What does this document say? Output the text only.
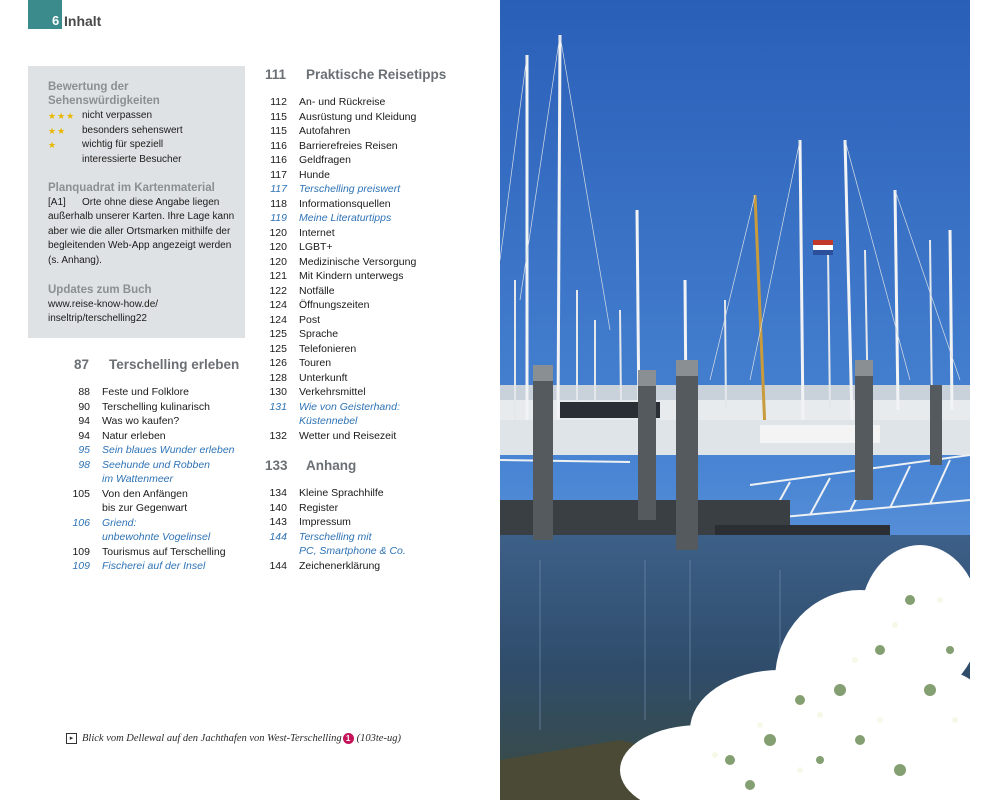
6 Inhalt
Bewertung der
Sehenswürdigkeiten
★★★ nicht verpassen
★★ besonders sehenswert
★ wichtig für speziell
interessierte Besucher
Planquadrat im Kartenmaterial
[A1] Orte ohne diese Angabe liegen
außerhalb unserer Karten. Ihre Lage kann
aber wie die aller Ortsmarken mithilfe der
begleitenden Web-App angezeigt werden
(s. Anhang).
Updates zum Buch
www.reise-know-how.de/
inseltrip/terschelling22
87 Terschelling erleben
88 Feste und Folklore
90 Terschelling kulinarisch
94 Was wo kaufen?
94 Natur erleben
95 Sein blaues Wunder erleben
98 Seehunde und Robben
im Wattenmeer
105 Von den Anfängen
bis zur Gegenwart
106 Griend:
unbewohnte Vogelinsel
109 Tourismus auf Terschelling
109 Fischerei auf der Insel
111 Praktische Reisetipps
112 An- und Rückreise
115 Ausrüstung und Kleidung
115 Autofahren
116 Barrierefreies Reisen
116 Geldfragen
117 Hunde
117 Terschelling preiswert
118 Informationsquellen
119 Meine Literaturtipps
120 Internet
120 LGBT+
120 Medizinische Versorgung
121 Mit Kindern unterwegs
122 Notfälle
124 Öffnungszeiten
124 Post
125 Sprache
125 Telefonieren
126 Touren
128 Unterkunft
130 Verkehrsmittel
131 Wie von Geisterhand:
Küstennebel
132 Wetter und Reisezeit
133 Anhang
134 Kleine Sprachhilfe
140 Register
143 Impressum
144 Terschelling mit
PC, Smartphone & Co.
144 Zeichenerklärung
▸ Blick vom Dellewal auf den Jachthafen von West-Terschelling 1 (103te-ug)
